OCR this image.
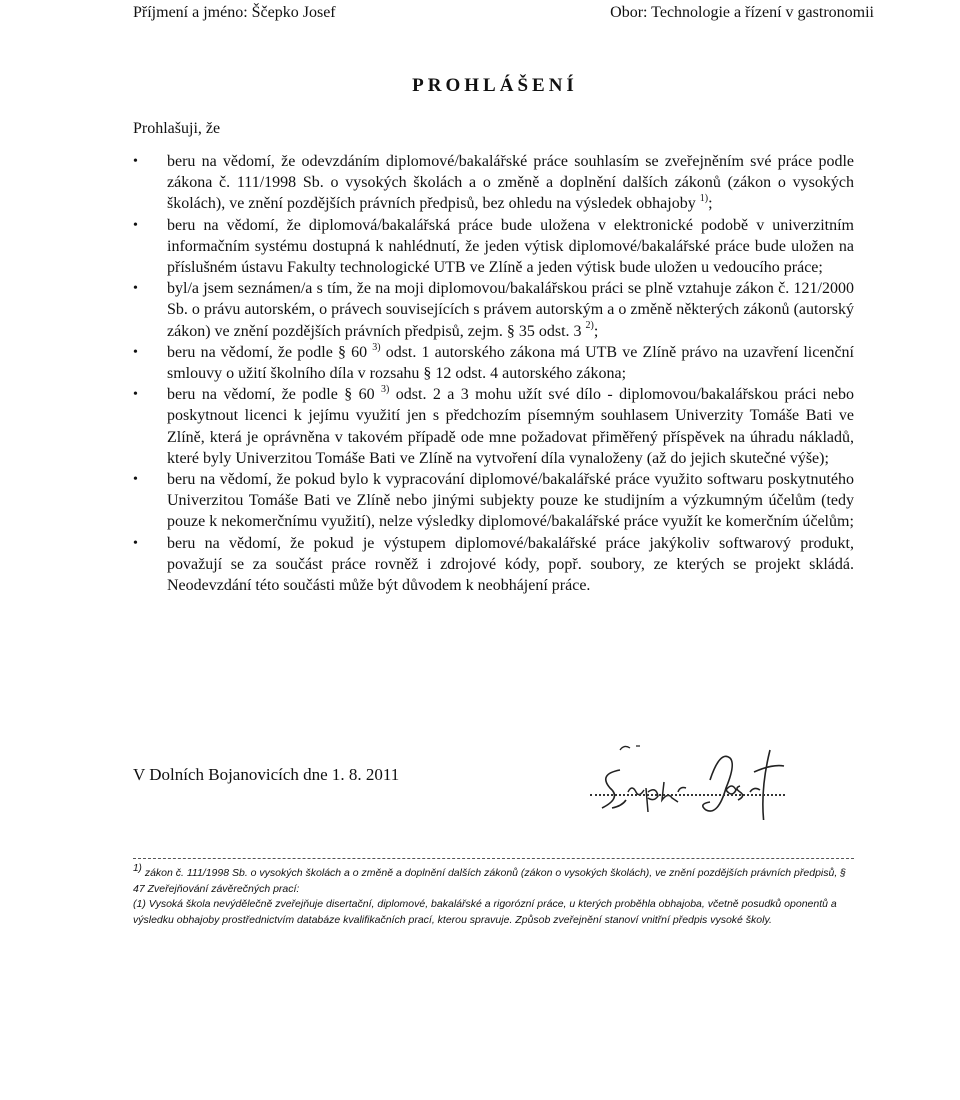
Příjmení a jméno: Ščepko Josef	Obor: Technologie a řízení v gastronomii
PROHLÁŠENÍ
Prohlašuji, že
• beru na vědomí, že odevzdáním diplomové/bakalářské práce souhlasím se zveřejněním své práce podle zákona č. 111/1998 Sb. o vysokých školách a o změně a doplnění dalších zákonů (zákon o vysokých školách), ve znění pozdějších právních předpisů, bez ohledu na výsledek obhajoby $^{1)}$;
• beru na vědomí, že diplomová/bakalářská práce bude uložena v elektronické podobě v univerzitním informačním systému dostupná k nahlédnutí, že jeden výtisk diplomové/bakalářské práce bude uložen na příslušném ústavu Fakulty technologické UTB ve Zlíně a jeden výtisk bude uložen u vedoucího práce;
• byl/a jsem seznámen/a s tím, že na moji diplomovou/bakalářskou práci se plně vztahuje zákon č. 121/2000 Sb. o právu autorském, o právech souvisejících s právem autorským a o změně některých zákonů (autorský zákon) ve znění pozdějších právních předpisů, zejm. § 35 odst. 3 $^{2)}$;
• beru na vědomí, že podle § 60 $^{3)}$ odst. 1 autorského zákona má UTB ve Zlíně právo na uzavření licenční smlouvy o užití školního díla v rozsahu § 12 odst. 4 autorského zákona;
• beru na vědomí, že podle § 60 $^{3)}$ odst. 2 a 3 mohu užít své dílo - diplomovou/bakalářskou práci nebo poskytnout licenci k jejímu využití jen s předchozím písemným souhlasem Univerzity Tomáše Bati ve Zlíně, která je oprávněna v takovém případě ode mne požadovat přiměřený příspěvek na úhradu nákladů, které byly Univerzitou Tomáše Bati ve Zlíně na vytvoření díla vynaloženy (až do jejich skutečné výše);
• beru na vědomí, že pokud bylo k vypracování diplomové/bakalářské práce využito softwaru poskytnutého Univerzitou Tomáše Bati ve Zlíně nebo jinými subjekty pouze ke studijním a výzkumným účelům (tedy pouze k nekomerčnímu využití), nelze výsledky diplomové/bakalářské práce využít ke komerčním účelům;
• beru na vědomí, že pokud je výstupem diplomové/bakalářské práce jakýkoliv softwarový produkt, považují se za součást práce rovněž i zdrojové kódy, popř. soubory, ze kterých se projekt skládá. Neodevzdání této součásti může být důvodem k neobhájení práce.
V Dolních Bojanovicích dne 1. 8. 2011

$^{1)}$ zákon č. 111/1998 Sb. o vysokých školách a o změně a doplnění dalších zákonů (zákon o vysokých školách), ve znění pozdějších právních předpisů, § 47 Zveřejňování závěrečných prací:

(1) Vysoká škola nevýdělečně zveřejňuje disertační, diplomové, bakalářské a rigorózní práce, u kterých proběhla obhajoba, včetně posudků oponentů a výsledku obhajoby prostřednictvím databáze kvalifikačních prací, kterou spravuje. Způsob zveřejnění stanoví vnitřní předpis vysoké školy.
